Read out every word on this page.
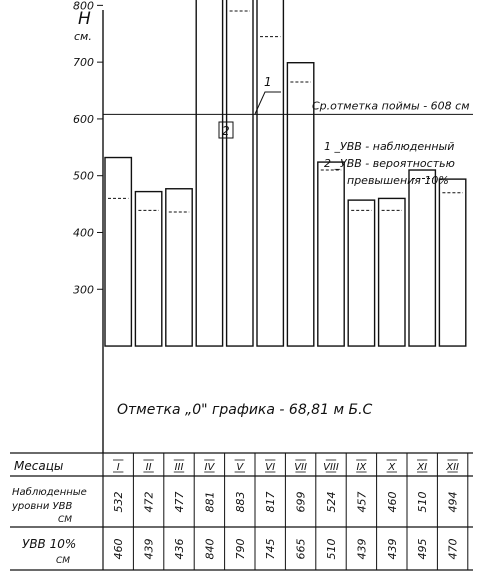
H
см.
300
400
500
600
700
800
Ср.отметка поймы - 608 см
1
2
1 _УВВ - наблюденный
2 _УВВ - вероятностью
превышения 10%
Отметка „0" графика - 68,81 м Б.С
I
532
460
II
472
439
III
477
436
IV
881
840
V
883
790
VI
817
745
VII
699
665
VIII
524
510
IX
457
439
X
460
439
XI
510
495
XII
494
470
Месацы
Наблюденные
уровни УВВ
СМ
УВВ 10%
СМ
